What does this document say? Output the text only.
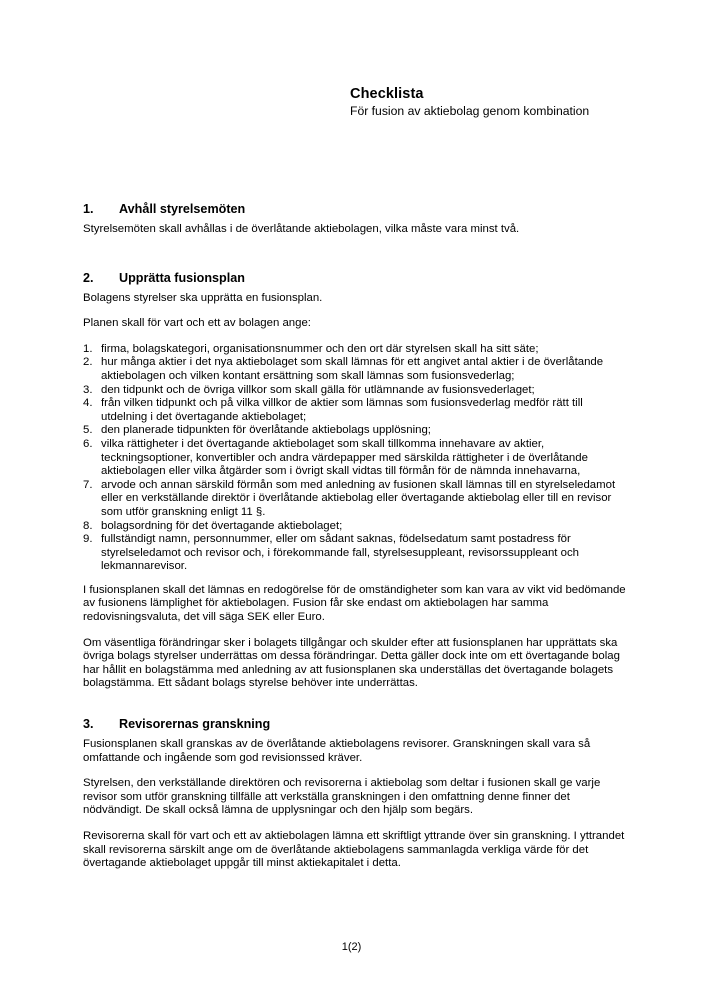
Checklista
För fusion av aktiebolag genom kombination
1.	Avhåll styrelsemöten

Styrelsemöten skall avhållas i de överlåtande aktiebolagen, vilka måste vara minst två.

2.	Upprätta fusionsplan

Bolagens styrelser ska upprätta en fusionsplan.

Planen skall för vart och ett av bolagen ange:

1. firma, bolagskategori, organisationsnummer och den ort där styrelsen skall ha sitt säte;
2. hur många aktier i det nya aktiebolaget som skall lämnas för ett angivet antal aktier i de överlåtande aktiebolagen och vilken kontant ersättning som skall lämnas som fusionsvederlag;
3. den tidpunkt och de övriga villkor som skall gälla för utlämnande av fusionsvederlaget;
4. från vilken tidpunkt och på vilka villkor de aktier som lämnas som fusionsvederlag medför rätt till utdelning i det övertagande aktiebolaget;
5. den planerade tidpunkten för överlåtande aktiebolags upplösning;
6. vilka rättigheter i det övertagande aktiebolaget som skall tillkomma innehavare av aktier, teckningsoptioner, konvertibler och andra värdepapper med särskilda rättigheter i de överlåtande aktiebolagen eller vilka åtgärder som i övrigt skall vidtas till förmån för de nämnda innehavarna,
7. arvode och annan särskild förmån som med anledning av fusionen skall lämnas till en styrelseledamot eller en verkställande direktör i överlåtande aktiebolag eller övertagande aktiebolag eller till en revisor som utför granskning enligt 11 §.
8. bolagsordning för det övertagande aktiebolaget;
9. fullständigt namn, personnummer, eller om sådant saknas, födelsedatum samt postadress för styrelseledamot och revisor och, i förekommande fall, styrelsesuppleant, revisorssuppleant och lekmannarevisor.

I fusionsplanen skall det lämnas en redogörelse för de omständigheter som kan vara av vikt vid bedömande av fusionens lämplighet för aktiebolagen. Fusion får ske endast om aktiebolagen har samma redovisningsvaluta, det vill säga SEK eller Euro.

Om väsentliga förändringar sker i bolagets tillgångar och skulder efter att fusionsplanen har upprättats ska övriga bolags styrelser underrättas om dessa förändringar. Detta gäller dock inte om ett övertagande bolag har hållit en bolagstämma med anledning av att fusionsplanen ska underställas det övertagande bolagets bolagstämma. Ett sådant bolags styrelse behöver inte underrättas.

3.	Revisorernas granskning

Fusionsplanen skall granskas av de överlåtande aktiebolagens revisorer. Granskningen skall vara så omfattande och ingående som god revisionssed kräver.

Styrelsen, den verkställande direktören och revisorerna i aktiebolag som deltar i fusionen skall ge varje revisor som utför granskning tillfälle att verkställa granskningen i den omfattning denne finner det nödvändigt. De skall också lämna de upplysningar och den hjälp som begärs.

Revisorerna skall för vart och ett av aktiebolagen lämna ett skriftligt yttrande över sin granskning. I yttrandet skall revisorerna särskilt ange om de överlåtande aktiebolagens sammanlagda verkliga värde för det övertagande aktiebolaget uppgår till minst aktiekapitalet i detta.

1(2)
